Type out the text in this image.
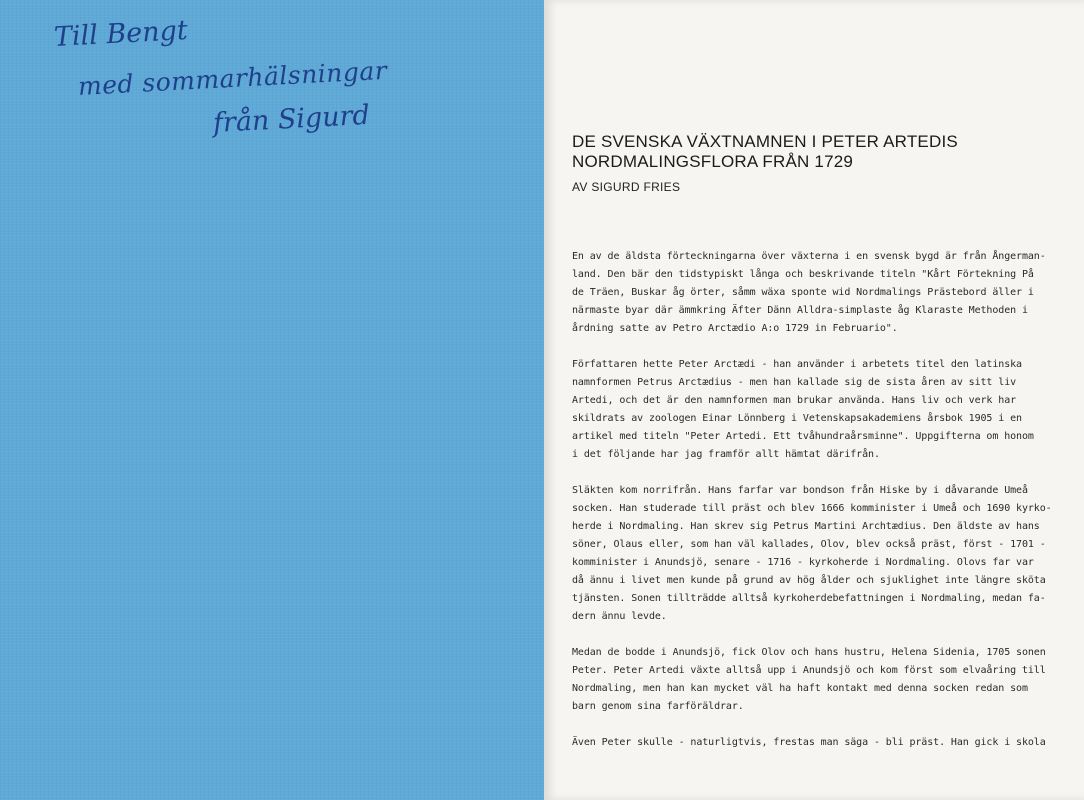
Till Bengt
med sommarhälsningar
från Sigurd
DE SVENSKA VÄXTNAMNEN I PETER ARTEDIS
NORDMALINGSFLORA FRÅN 1729
AV SIGURD FRIES
En av de äldsta förteckningarna över växterna i en svensk bygd är från Ångerman-
land. Den bär den tidstypiskt långa och beskrivande titeln "Kårt Förtekning På
de Träen, Buskar åg örter, såmm wäxa sponte wid Nordmalings Prästebord äller i
närmaste byar där ämmkring Äfter Dänn Alldra-simplaste åg Klaraste Methoden i
årdning satte av Petro Arctædio A:o 1729 in Februario".
Författaren hette Peter Arctædi - han använder i arbetets titel den latinska
namnformen Petrus Arctædius - men han kallade sig de sista åren av sitt liv
Artedi, och det är den namnformen man brukar använda. Hans liv och verk har
skildrats av zoologen Einar Lönnberg i Vetenskapsakademiens årsbok 1905 i en
artikel med titeln "Peter Artedi. Ett tvåhundraårsminne". Uppgifterna om honom
i det följande har jag framför allt hämtat därifrån.
Släkten kom norrifrån. Hans farfar var bondson från Hiske by i dåvarande Umeå
socken. Han studerade till präst och blev 1666 komminister i Umeå och 1690 kyrko-
herde i Nordmaling. Han skrev sig Petrus Martini Archtædius. Den äldste av hans
söner, Olaus eller, som han väl kallades, Olov, blev också präst, först - 1701 -
komminister i Anundsjö, senare - 1716 - kyrkoherde i Nordmaling. Olovs far var
då ännu i livet men kunde på grund av hög ålder och sjuklighet inte längre sköta
tjänsten. Sonen tillträdde alltså kyrkoherdebefattningen i Nordmaling, medan fa-
dern ännu levde.
Medan de bodde i Anundsjö, fick Olov och hans hustru, Helena Sidenia, 1705 sonen
Peter. Peter Artedi växte alltså upp i Anundsjö och kom först som elvaåring till
Nordmaling, men han kan mycket väl ha haft kontakt med denna socken redan som
barn genom sina farföräldrar.
Även Peter skulle - naturligtvis, frestas man säga - bli präst. Han gick i skola
